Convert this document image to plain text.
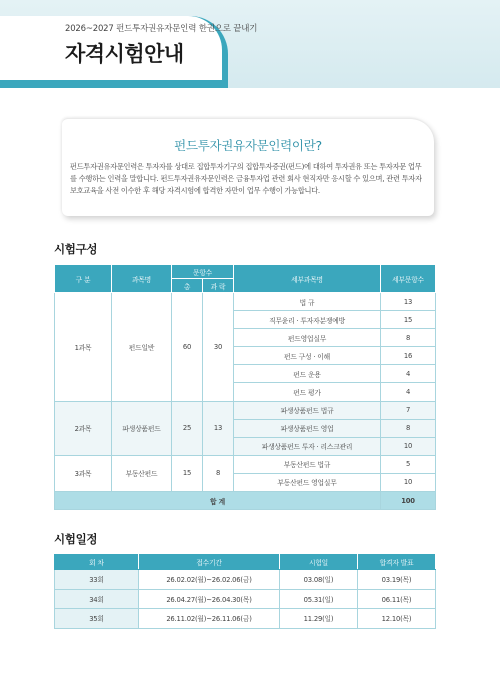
2026~2027 펀드투자권유자문인력 한권으로 끝내기
자격시험안내
펀드투자권유자문인력이란?
펀드투자권유자문인력은 투자자를 상대로 집합투자기구의 집합투자증권(펀드)에 대하여 투자권유 또는 투자자문 업무를 수행하는 인력을 말합니다. 펀드투자권유자문인력은 금융투자업 관련 회사 현직자만 응시할 수 있으며, 관련 투자자보호교육을 사전 이수한 후 해당 자격시험에 합격한 자만이 업무 수행이 가능합니다.
시험구성
구 분	과목명	문항수		세부과목명	세부문항수
		총	과 락		
1과목	펀드일반	60	30	법 규	13
				직무윤리 · 투자자분쟁예방	15
				펀드영업실무	8
				펀드 구성 · 이해	16
				펀드 운용	4
				펀드 평가	4
2과목	파생상품펀드	25	13	파생상품펀드 법규	7
				파생상품펀드 영업	8
				파생상품펀드 투자 · 리스크관리	10
3과목	부동산펀드	15	8	부동산펀드 법규	5
				부동산펀드 영업실무	10
합 계					100
시험일정
회 차	접수기간	시험일	합격자 발표
33회	26.02.02(월)~26.02.06(금)	03.08(일)	03.19(목)
34회	26.04.27(월)~26.04.30(목)	05.31(일)	06.11(목)
35회	26.11.02(월)~26.11.06(금)	11.29(일)	12.10(목)
